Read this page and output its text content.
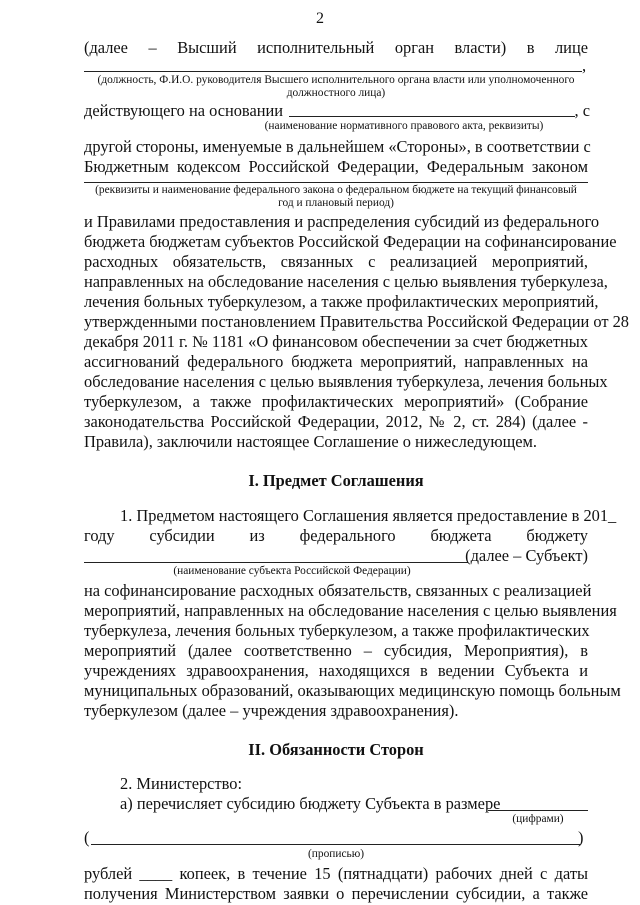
2
(далее – Высший исполнительный орган власти) в лице
,
(должность, Ф.И.О. руководителя Высшего исполнительного органа власти или уполномоченного
должностного лица)
действующего на основании	, с
(наименование нормативного правового акта, реквизиты)
другой стороны, именуемые в дальнейшем «Стороны», в соответствии с
Бюджетным кодексом Российской Федерации, Федеральным законом
(реквизиты и наименование федерального закона о федеральном бюджете на текущий финансовый
год и плановый период)
и Правилами предоставления и распределения субсидий из федерального
бюджета бюджетам субъектов Российской Федерации на софинансирование
расходных обязательств, связанных с реализацией мероприятий,
направленных на обследование населения с целью выявления туберкулеза,
лечения больных туберкулезом, а также профилактических мероприятий,
утвержденными постановлением Правительства Российской Федерации от 28
декабря 2011 г. № 1181 «О финансовом обеспечении за счет бюджетных
ассигнований федерального бюджета мероприятий, направленных на
обследование населения с целью выявления туберкулеза, лечения больных
туберкулезом, а также профилактических мероприятий» (Собрание
законодательства Российской Федерации, 2012, № 2, ст. 284) (далее -
Правила), заключили настоящее Соглашение о нижеследующем.
I. Предмет Соглашения
1. Предметом настоящего Соглашения является предоставление в 201_
году субсидии из федерального бюджета бюджету
(далее – Субъект)
(наименование субъекта Российской Федерации)
на софинансирование расходных обязательств, связанных с реализацией
мероприятий, направленных на обследование населения с целью выявления
туберкулеза, лечения больных туберкулезом, а также профилактических
мероприятий (далее соответственно – субсидия, Мероприятия), в
учреждениях здравоохранения, находящихся в ведении Субъекта и
муниципальных образований, оказывающих медицинскую помощь больным
туберкулезом (далее – учреждения здравоохранения).
II. Обязанности Сторон
2. Министерство:
а) перечисляет субсидию бюджету Субъекта в размере
(цифрами)
(	)
(прописью)
рублей ____ копеек, в течение 15 (пятнадцати) рабочих дней с даты
получения Министерством заявки о перечислении субсидии, а также
